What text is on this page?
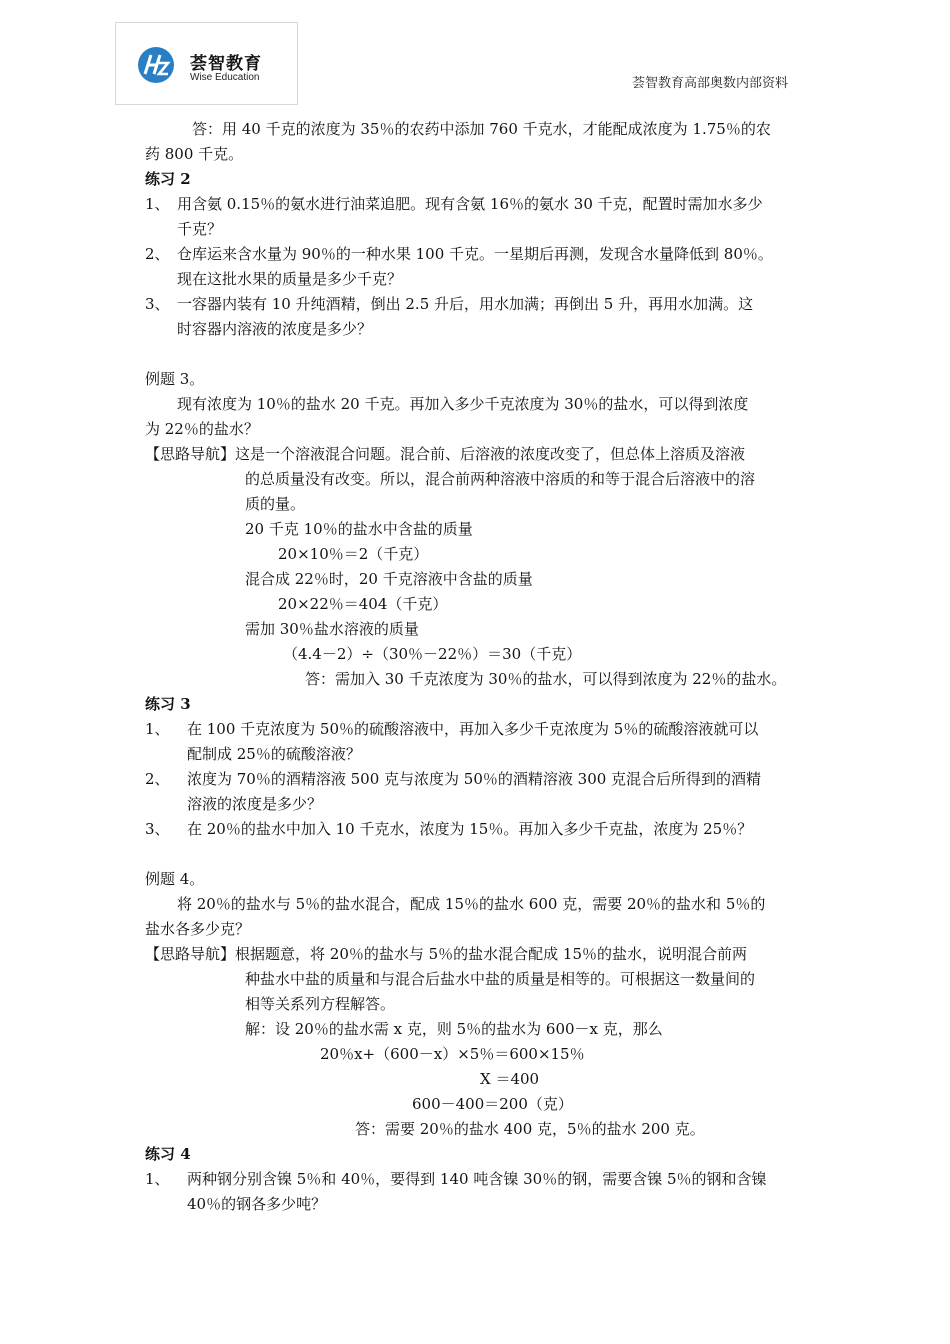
荟智教育
Wise Education	荟智教育高部奥数内部资料
答：用 40 千克的浓度为 35％的农药中添加 760 千克水，才能配成浓度为 1.75％的农
药 800 千克。
练习 2
1、 用含氨 0.15％的氨水进行油菜追肥。现有含氨 16％的氨水 30 千克，配置时需加水多少
千克？
2、 仓库运来含水量为 90％的一种水果 100 千克。一星期后再测，发现含水量降低到 80％。
现在这批水果的质量是多少千克？
3、 一容器内装有 10 升纯酒精，倒出 2.5 升后，用水加满；再倒出 5 升，再用水加满。这
时容器内溶液的浓度是多少？
例题 3。
现有浓度为 10％的盐水 20 千克。再加入多少千克浓度为 30％的盐水，可以得到浓度
为 22％的盐水？
【思路导航】这是一个溶液混合问题。混合前、后溶液的浓度改变了，但总体上溶质及溶液
的总质量没有改变。所以，混合前两种溶液中溶质的和等于混合后溶液中的溶
质的量。
20 千克 10％的盐水中含盐的质量
20×10％＝2（千克）
混合成 22％时，20 千克溶液中含盐的质量
20×22％＝404（千克）
需加 30％盐水溶液的质量
（4.4－2）÷（30％－22％）＝30（千克）
答：需加入 30 千克浓度为 30％的盐水，可以得到浓度为 22％的盐水。
练习 3
1、 在 100 千克浓度为 50％的硫酸溶液中，再加入多少千克浓度为 5％的硫酸溶液就可以
配制成 25％的硫酸溶液？
2、 浓度为 70％的酒精溶液 500 克与浓度为 50％的酒精溶液 300 克混合后所得到的酒精
溶液的浓度是多少？
3、 在 20％的盐水中加入 10 千克水，浓度为 15％。再加入多少千克盐，浓度为 25％？
例题 4。
将 20％的盐水与 5％的盐水混合，配成 15％的盐水 600 克，需要 20％的盐水和 5％的
盐水各多少克？
【思路导航】根据题意，将 20％的盐水与 5％的盐水混合配成 15％的盐水，说明混合前两
种盐水中盐的质量和与混合后盐水中盐的质量是相等的。可根据这一数量间的
相等关系列方程解答。
解：设 20％的盐水需 x 克，则 5％的盐水为 600－x 克，那么
20％x+（600－x）×5％＝600×15％
X ＝400
600－400＝200（克）
答：需要 20％的盐水 400 克，5％的盐水 200 克。
练习 4
1、 两种钢分别含镍 5％和 40％，要得到 140 吨含镍 30％的钢，需要含镍 5％的钢和含镍
40％的钢各多少吨？
